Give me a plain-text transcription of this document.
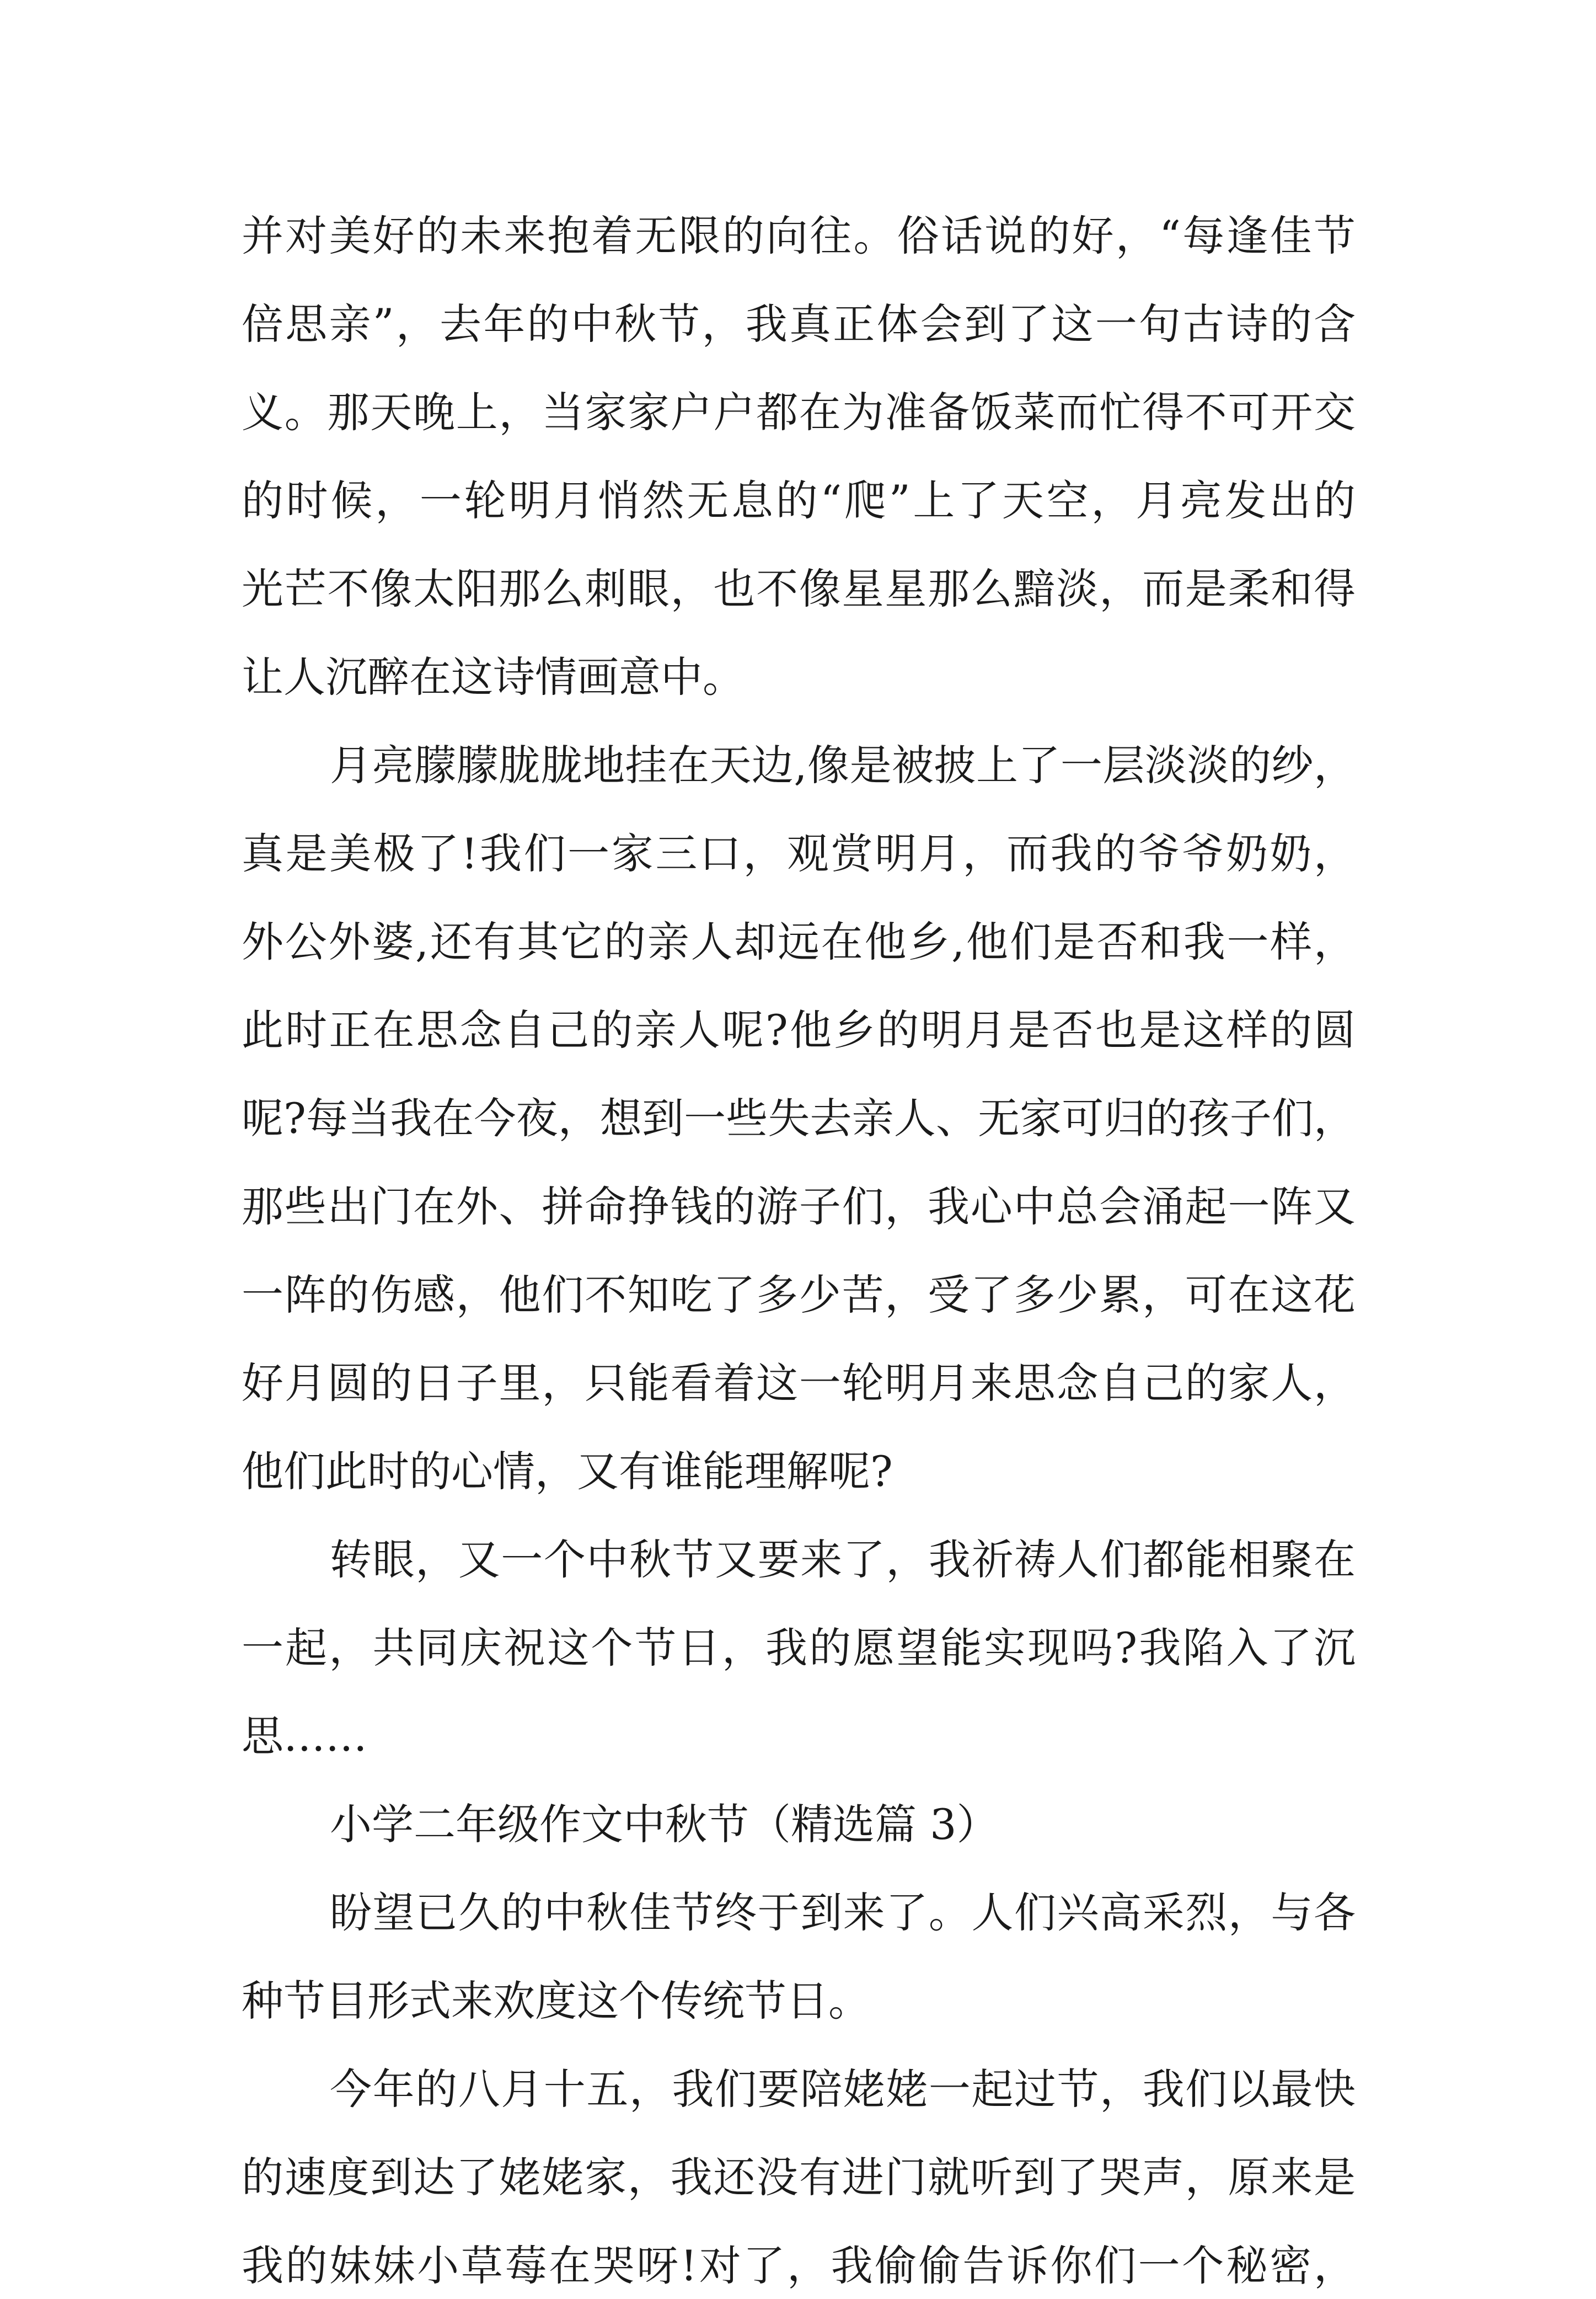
并对美好的未来抱着无限的向往。俗话说的好，“每逢佳节
倍思亲”，去年的中秋节，我真正体会到了这一句古诗的含
义。那天晚上，当家家户户都在为准备饭菜而忙得不可开交
的时候，一轮明月悄然无息的“爬”上了天空，月亮发出的
光芒不像太阳那么刺眼，也不像星星那么黯淡，而是柔和得
让人沉醉在这诗情画意中。
月亮朦朦胧胧地挂在天边,像是被披上了一层淡淡的纱，
真是美极了!我们一家三口，观赏明月，而我的爷爷奶奶，
外公外婆,还有其它的亲人却远在他乡,他们是否和我一样，
此时正在思念自己的亲人呢?他乡的明月是否也是这样的圆
呢?每当我在今夜，想到一些失去亲人、无家可归的孩子们，
那些出门在外、拼命挣钱的游子们，我心中总会涌起一阵又
一阵的伤感，他们不知吃了多少苦，受了多少累，可在这花
好月圆的日子里，只能看着这一轮明月来思念自己的家人，
他们此时的心情，又有谁能理解呢?
转眼，又一个中秋节又要来了，我祈祷人们都能相聚在
一起，共同庆祝这个节日，我的愿望能实现吗?我陷入了沉
思……
小学二年级作文中秋节（精选篇 3）
盼望已久的中秋佳节终于到来了。人们兴高采烈，与各
种节目形式来欢度这个传统节日。
今年的八月十五，我们要陪姥姥一起过节，我们以最快
的速度到达了姥姥家，我还没有进门就听到了哭声，原来是
我的妹妹小草莓在哭呀!对了，我偷偷告诉你们一个秘密，
